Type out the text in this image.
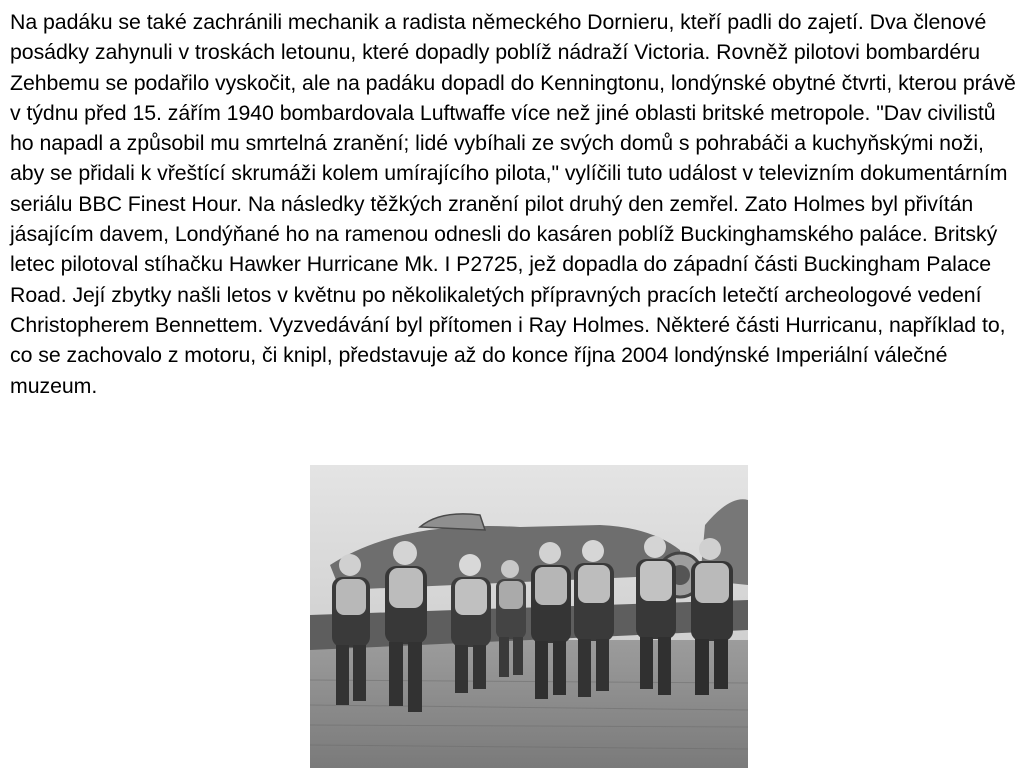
Na padáku se také zachránili mechanik a radista německého Dornieru, kteří padli do zajetí. Dva členové posádky zahynuli v troskách letounu, které dopadly poblíž nádraží Victoria. Rovněž pilotovi bombardéru Zehbemu se podařilo vyskočit, ale na padáku dopadl do Kenningtonu, londýnské obytné čtvrti, kterou právě v týdnu před 15. zářím 1940 bombardovala Luftwaffe více než jiné oblasti britské metropole. "Dav civilistů ho napadl a způsobil mu smrtelná zranění; lidé vybíhali ze svých domů s pohrabáči a kuchyňskými noži, aby se přidali k vřeštící skrumáži kolem umírajícího pilota," vylíčili tuto událost v televizním dokumentárním seriálu BBC Finest Hour. Na následky těžkých zranění pilot druhý den zemřel. Zato Holmes byl přivítán jásajícím davem, Londýňané ho na ramenou odnesli do kasáren poblíž Buckinghamského paláce. Britský letec pilotoval stíhačku Hawker Hurricane Mk. I P2725, jež dopadla do západní části Buckingham Palace Road. Její zbytky našli letos v květnu po několikaletých přípravných pracích letečtí archeologové vedení Christopherem Bennettem. Vyzvedávání byl přítomen i Ray Holmes. Některé části Hurricanu, například to, co se zachovalo z motoru, či knipl, představuje až do konce října 2004 londýnské Imperiální válečné muzeum.
